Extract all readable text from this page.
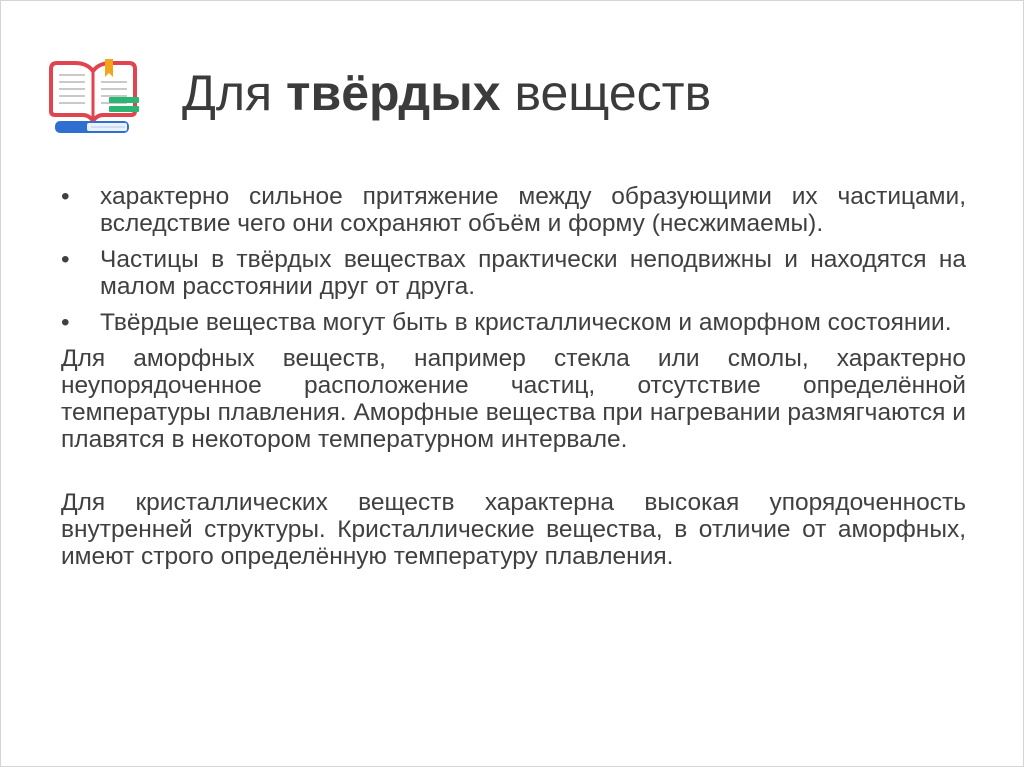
Для твёрдых веществ
• характерно сильное притяжение между образующими их частицами, вследствие чего они сохраняют объём и форму (несжимаемы).
• Частицы в твёрдых веществах практически неподвижны и находятся на малом расстоянии друг от друга.
• Твёрдые вещества могут быть в кристаллическом и аморфном состоянии.

Для аморфных веществ, например стекла или смолы, характерно неупорядоченное расположение частиц, отсутствие определённой температуры плавления. Аморфные вещества при нагревании размягчаются и плавятся в некотором температурном интервале.

Для кристаллических веществ характерна высокая упорядоченность внутренней структуры. Кристаллические вещества, в отличие от аморфных, имеют строго определённую температуру плавления.
